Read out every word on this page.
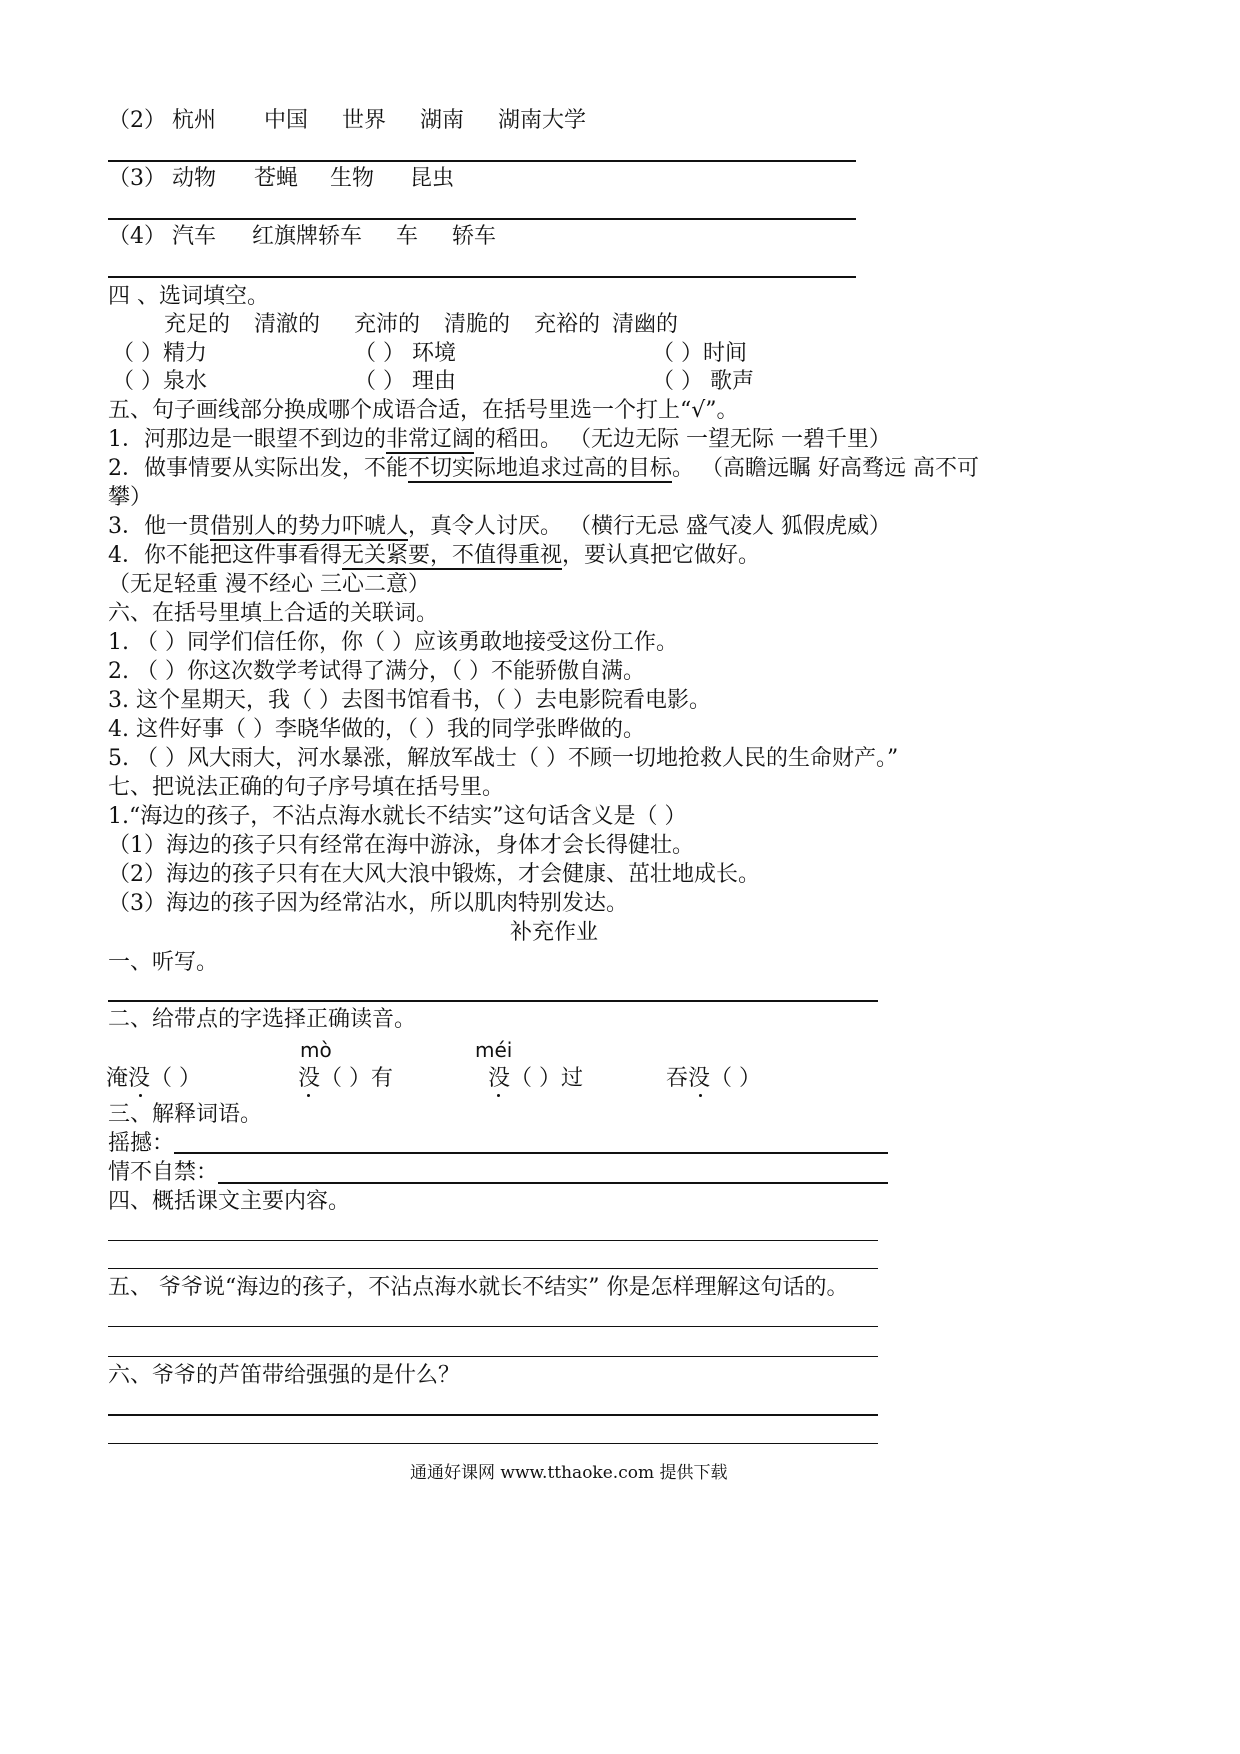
（2） 杭州 中国 世界 湖南 湖南大学
（3） 动物 苍蝇 生物 昆虫
（4） 汽车 红旗牌轿车 车 轿车
四 、选词填空。
充足的 清澈的 充沛的 清脆的 充裕的 清幽的
（ ）精力	（ ） 环境	（ ）时间
（ ）泉水	（ ） 理由	（ ） 歌声
五、句子画线部分换成哪个成语合适，在括号里选一个打上“√”。
1．河那边是一眼望不到边的非常辽阔的稻田。 （无边无际 一望无际 一碧千里）
2．做事情要从实际出发，不能不切实际地追求过高的目标。 （高瞻远瞩 好高骛远 高不可
攀）
3．他一贯借别人的势力吓唬人，真令人讨厌。 （横行无忌 盛气凌人 狐假虎威）
4．你不能把这件事看得无关紧要，不值得重视，要认真把它做好。
（无足轻重 漫不经心 三心二意）
六、在括号里填上合适的关联词。
1. （ ）同学们信任你，你（ ）应该勇敢地接受这份工作。
2. （ ）你这次数学考试得了满分，（ ）不能骄傲自满。
3. 这个星期天，我（ ）去图书馆看书，（ ）去电影院看电影。
4. 这件好事（ ）李晓华做的，（ ）我的同学张晔做的。
5. （ ）风大雨大，河水暴涨，解放军战士（ ）不顾一切地抢救人民的生命财产。”
七、把说法正确的句子序号填在括号里。
1.“海边的孩子，不沾点海水就长不结实”这句话含义是（ ）
（1）海边的孩子只有经常在海中游泳，身体才会长得健壮。
（2）海边的孩子只有在大风大浪中锻炼，才会健康、茁壮地成长。
（3）海边的孩子因为经常沾水，所以肌肉特别发达。
补充作业
一、听写。
二、给带点的字选择正确读音。
mò	méi
淹没（ ）	没（ ）有	没（ ）过	吞没（ ）
三、解释词语。
摇撼：
情不自禁：
四、概括课文主要内容。
五、 爷爷说“海边的孩子，不沾点海水就长不结实” 你是怎样理解这句话的。
六、爷爷的芦笛带给强强的是什么？
通通好课网 www.tthaoke.com 提供下载
